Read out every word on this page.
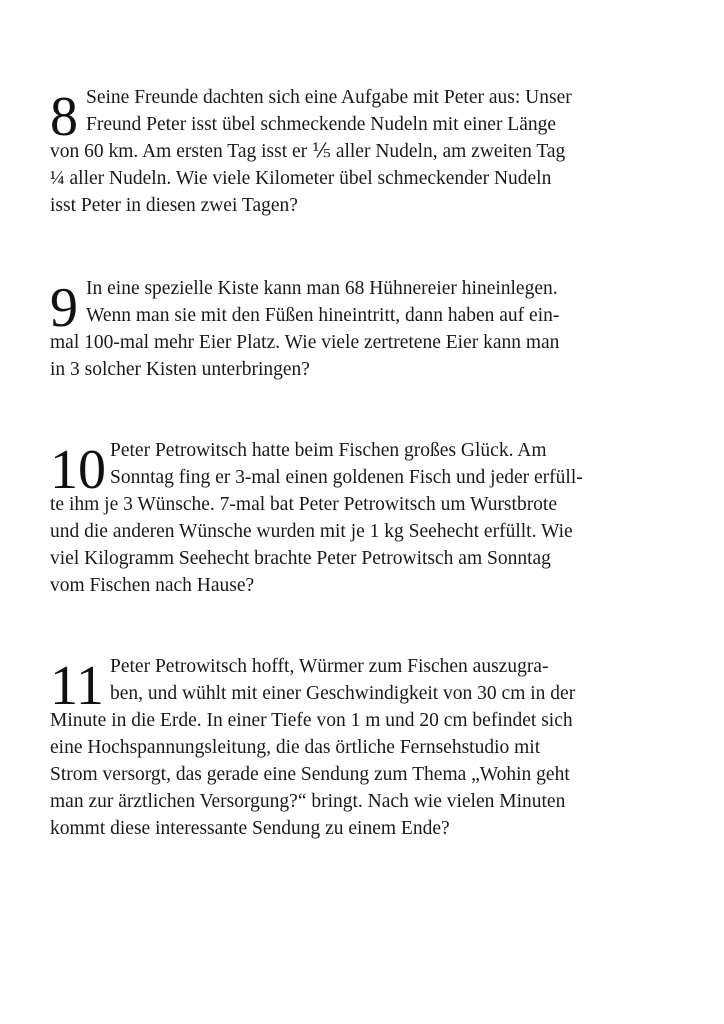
8 Seine Freunde dachten sich eine Aufgabe mit Peter aus: Unser
Freund Peter isst übel schmeckende Nudeln mit einer Länge
von 60 km. Am ersten Tag isst er ⅕ aller Nudeln, am zweiten Tag
¼ aller Nudeln. Wie viele Kilometer übel schmeckender Nudeln
isst Peter in diesen zwei Tagen?
9 In eine spezielle Kiste kann man 68 Hühnereier hineinlegen.
Wenn man sie mit den Füßen hineintritt, dann haben auf ein-
mal 100-mal mehr Eier Platz. Wie viele zertretene Eier kann man
in 3 solcher Kisten unterbringen?
10 Peter Petrowitsch hatte beim Fischen großes Glück. Am
Sonntag fing er 3-mal einen goldenen Fisch und jeder erfüll-
te ihm je 3 Wünsche. 7-mal bat Peter Petrowitsch um Wurstbrote
und die anderen Wünsche wurden mit je 1 kg Seehecht erfüllt. Wie
viel Kilogramm Seehecht brachte Peter Petrowitsch am Sonntag
vom Fischen nach Hause?
11 Peter Petrowitsch hofft, Würmer zum Fischen auszugra-
ben, und wühlt mit einer Geschwindigkeit von 30 cm in der
Minute in die Erde. In einer Tiefe von 1 m und 20 cm befindet sich
eine Hochspannungsleitung, die das örtliche Fernsehstudio mit
Strom versorgt, das gerade eine Sendung zum Thema „Wohin geht
man zur ärztlichen Versorgung?“ bringt. Nach wie vielen Minuten
kommt diese interessante Sendung zu einem Ende?
